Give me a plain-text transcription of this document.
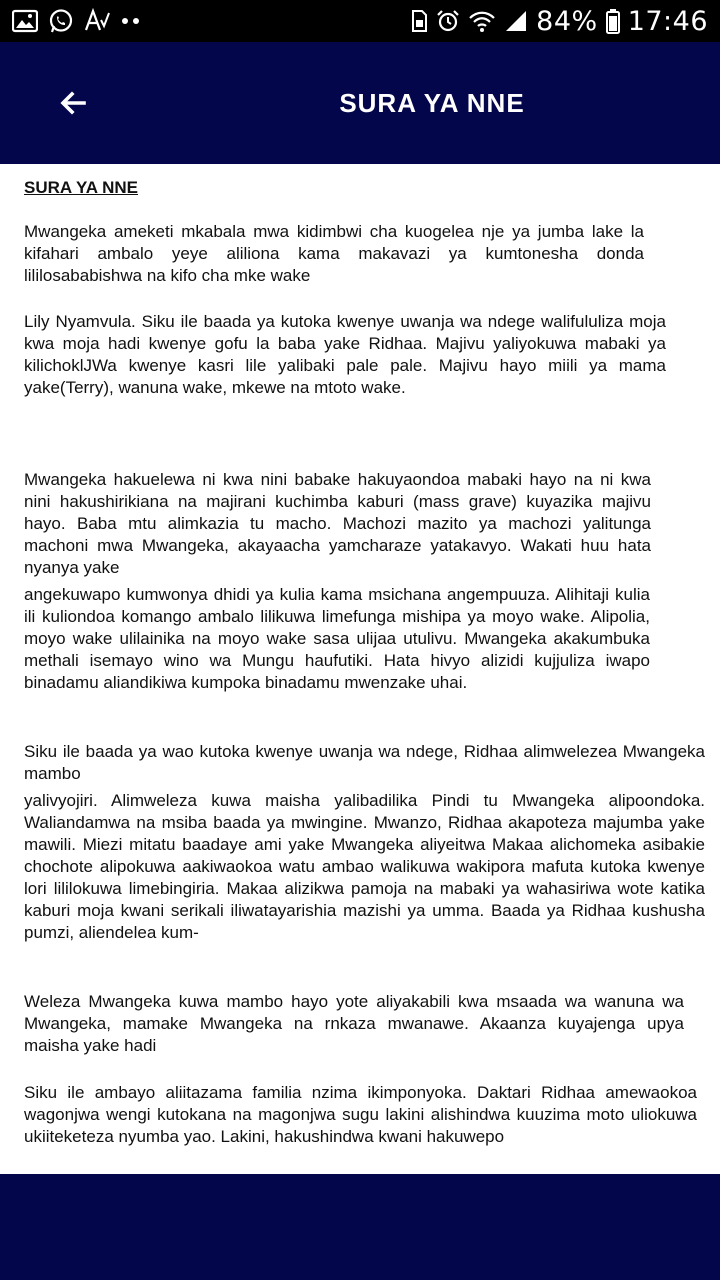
84% 17:46
SURA YA NNE
SURA YA NNE

Mwangeka ameketi mkabala mwa kidimbwi cha kuogelea nje ya jumba lake la kifahari ambalo yeye aliliona kama makavazi ya kumtonesha donda lililosababishwa na kifo cha mke wake

Lily Nyamvula. Siku ile baada ya kutoka kwenye uwanja wa ndege walifululiza moja kwa moja hadi kwenye gofu la baba yake Ridhaa. Majivu yaliyokuwa mabaki ya kilichoklJWa kwenye kasri lile yalibaki pale pale. Majivu hayo miili ya mama yake(Terry), wanuna wake, mkewe na mtoto wake.

Mwangeka hakuelewa ni kwa nini babake hakuyaondoa mabaki hayo na ni kwa nini hakushirikiana na majirani kuchimba kaburi (mass grave) kuyazika majivu hayo. Baba mtu alimkazia tu macho. Machozi mazito ya machozi yalitunga machoni mwa Mwangeka, akayaacha yamcharaze yatakavyo. Wakati huu hata nyanya yake

angekuwapo kumwonya dhidi ya kulia kama msichana angempuuza. Alihitaji kulia ili kuliondoa komango ambalo lilikuwa limefunga mishipa ya moyo wake. Alipolia, moyo wake ulilainika na moyo wake sasa ulijaa utulivu. Mwangeka akakumbuka methali isemayo wino wa Mungu haufutiki. Hata hivyo alizidi kujjuliza iwapo binadamu aliandikiwa kumpoka binadamu mwenzake uhai.

Siku ile baada ya wao kutoka kwenye uwanja wa ndege, Ridhaa alimwelezea Mwangeka mambo

yalivyojiri. Alimweleza kuwa maisha yalibadilika Pindi tu Mwangeka alipoondoka. Waliandamwa na msiba baada ya mwingine. Mwanzo, Ridhaa akapoteza majumba yake mawili. Miezi mitatu baadaye ami yake Mwangeka aliyeitwa Makaa alichomeka asibakie chochote alipokuwa aakiwaokoa watu ambao walikuwa wakipora mafuta kutoka kwenye lori lililokuwa limebingiria. Makaa alizikwa pamoja na mabaki ya wahasiriwa wote katika kaburi moja kwani serikali iliwatayarishia mazishi ya umma. Baada ya Ridhaa kushusha pumzi, aliendelea kum-

Weleza Mwangeka kuwa mambo hayo yote aliyakabili kwa msaada wa wanuna wa Mwangeka, mamake Mwangeka na rnkaza mwanawe. Akaanza kuyajenga upya maisha yake hadi

Siku ile ambayo aliitazama familia nzima ikimponyoka. Daktari Ridhaa amewaokoa wagonjwa wengi kutokana na magonjwa sugu lakini alishindwa kuuzima moto uliokuwa ukiiteketeza nyumba yao. Lakini, hakushindwa kwani hakuwepo
